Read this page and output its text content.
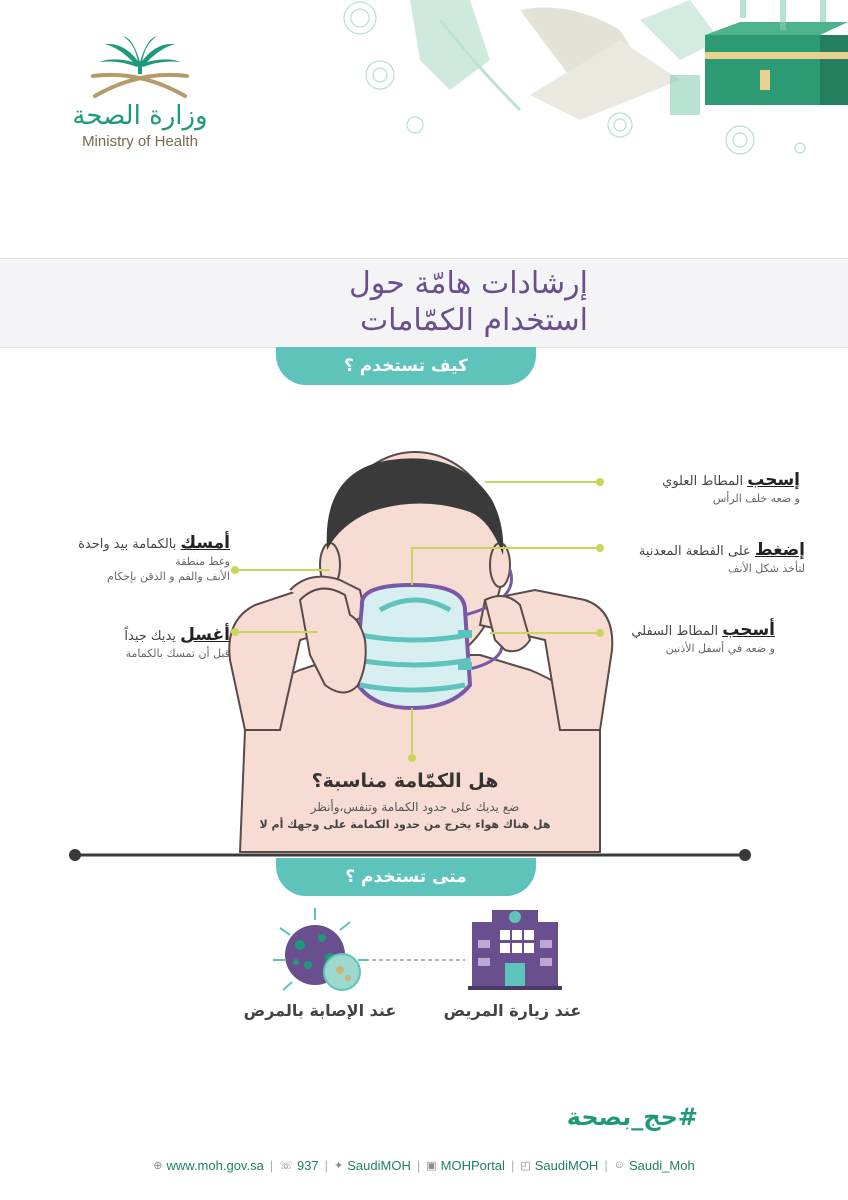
وزارة الصحة
Ministry of Health
إرشادات هامّة حول
استخدام الكمّامات
كيف تستخدم ؟
إسحب المطاط العلوي
و ضعه خلف الرأس
إضغط على القطعة المعدنية
لتأخذ شكل الأنف
أسحب المطاط السفلي
و ضعه في أسفل الأذنين
أمسك بالكمامة بيد واحدة
وغط منطقة
الأنف والفم و الذقن بإحكام
أغسل يديك جيداً
قبل أن تمسك بالكمامة
هل الكمّامة مناسبة؟
ضع يديك على حدود الكمامة وتنفس،وأنظر
هل هناك هواء يخرج من حدود الكمامة على وجهك أم لا
متى تستخدم ؟
عند زيارة المريض
عند الإصابة بالمرض
#حج_بصحة
⊕ www.moh.gov.sa | ☏ 937 | ✦ SaudiMOH | ▣ MOHPortal | ◰ SaudiMOH | ☺ Saudi_Moh
